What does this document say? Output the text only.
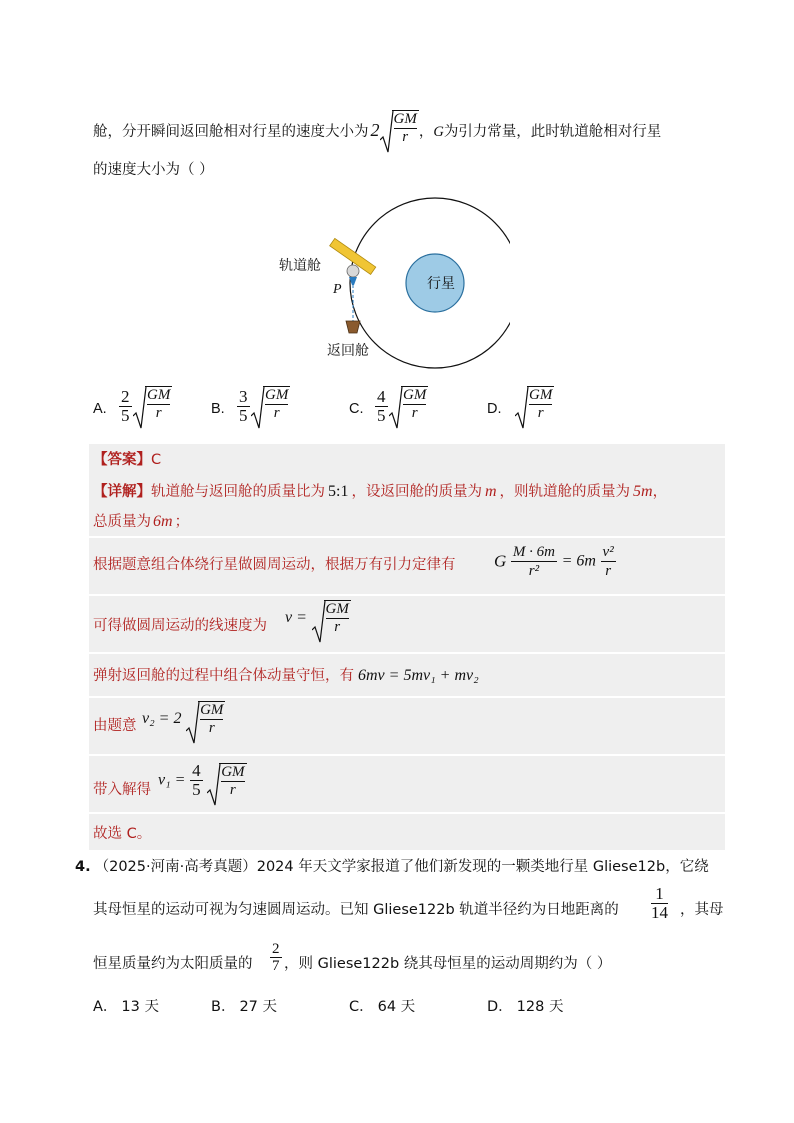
舱，分开瞬间返回舱相对行星的速度大小为 $2 \frac{GM}{r}$ ，G为引力常量，此时轨道舱相对行星
的速度大小为（ ）
轨道舱
P	行星
返回舱
A. $\frac{2}{5} \frac{GM}{r}$	B. $\frac{3}{5} \frac{GM}{r}$	C. $\frac{4}{5} \frac{GM}{r}$	D. $\frac{GM}{r}$
【答案】C
【详解】轨道舱与返回舱的质量比为 5:1 ，设返回舱的质量为 m ，则轨道舱的质量为 5m，
总质量为 6m ；
根据题意组合体绕行星做圆周运动，根据万有引力定律有 G $\frac{M \cdot 6m}{\text{r²}} = 6m \frac{\text{v²}}{r}$
可得做圆周运动的线速度为 $v = \frac{GM}{r}$
弹射返回舱的过程中组合体动量守恒，有 6mv = 5mv₁ + mv₂
由题意 $v_2 = 2 \frac{GM}{r}$
带入解得
$v_1 = \frac{4}{5}$
$\frac{GM}{r}$
故选 C。
4. （2025·河南·高考真题）2024 年天文学家报道了他们新发现的一颗类地行星 Gliese12b，它绕
其母恒星的运动可视为匀速圆周运动。已知 Gliese122b 轨道半径约为日地距离的 $\frac{1}{14}$ ，其母
恒星质量约为太阳质量的 $\frac{2}{7}$ ，则 Gliese122b 绕其母恒星的运动周期约为（ ）
A． 13 天	B． 27 天	C． 64 天	D． 128 天
